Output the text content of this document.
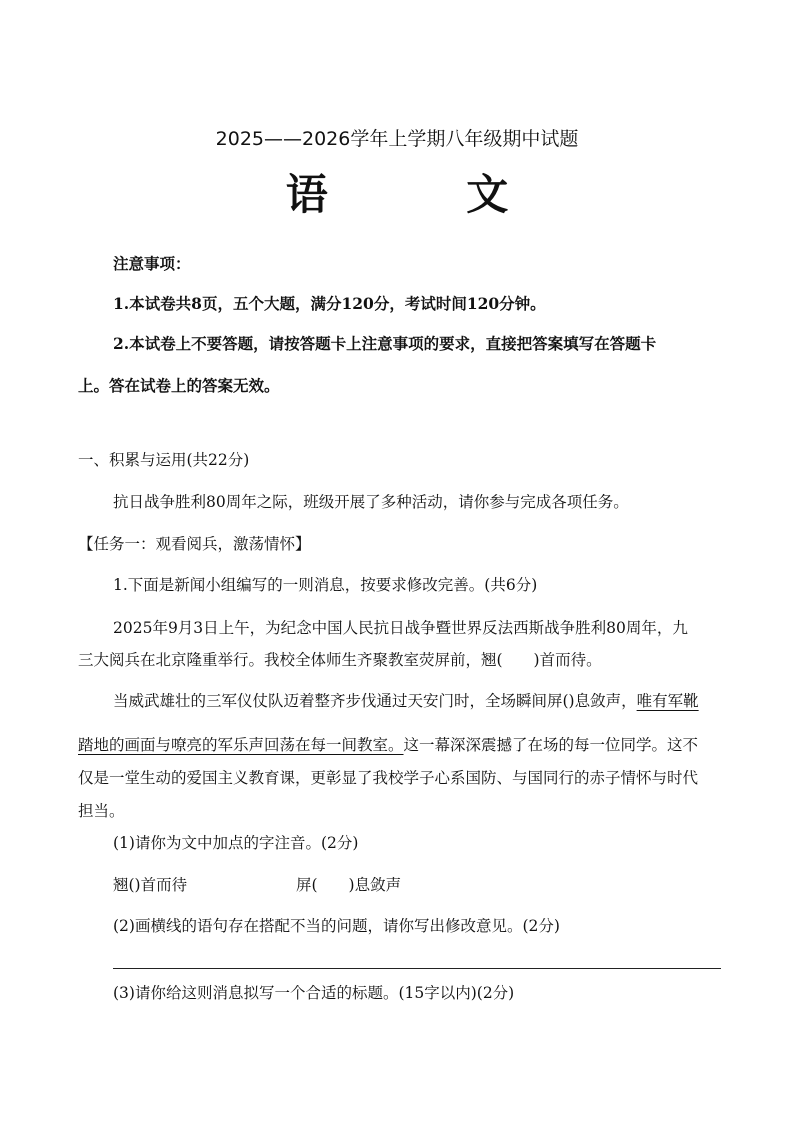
2025——2026学年上学期八年级期中试题
语 文
注意事项：
1.本试卷共8页，五个大题，满分120分，考试时间120分钟。
2.本试卷上不要答题，请按答题卡上注意事项的要求，直接把答案填写在答题卡
上。答在试卷上的答案无效。
一、积累与运用(共22分)
抗日战争胜利80周年之际，班级开展了多种活动，请你参与完成各项任务。
【任务一：观看阅兵，激荡情怀】
1.下面是新闻小组编写的一则消息，按要求修改完善。(共6分)
2025年9月3日上午，为纪念中国人民抗日战争暨世界反法西斯战争胜利80周年，九
三大阅兵在北京隆重举行。我校全体师生齐聚教室荧屏前，翘(　　)首而待。
当威武雄壮的三军仪仗队迈着整齐步伐通过天安门时，全场瞬间屏()息敛声，唯有军靴
踏地的画面与嘹亮的军乐声回荡在每一间教室。这一幕深深震撼了在场的每一位同学。这不
仅是一堂生动的爱国主义教育课，更彰显了我校学子心系国防、与国同行的赤子情怀与时代
担当。
(1)请你为文中加点的字注音。(2分)
翘()首而待	屏(　　)息敛声
(2)画横线的语句存在搭配不当的问题，请你写出修改意见。(2分)
(3)请你给这则消息拟写一个合适的标题。(15字以内)(2分)
